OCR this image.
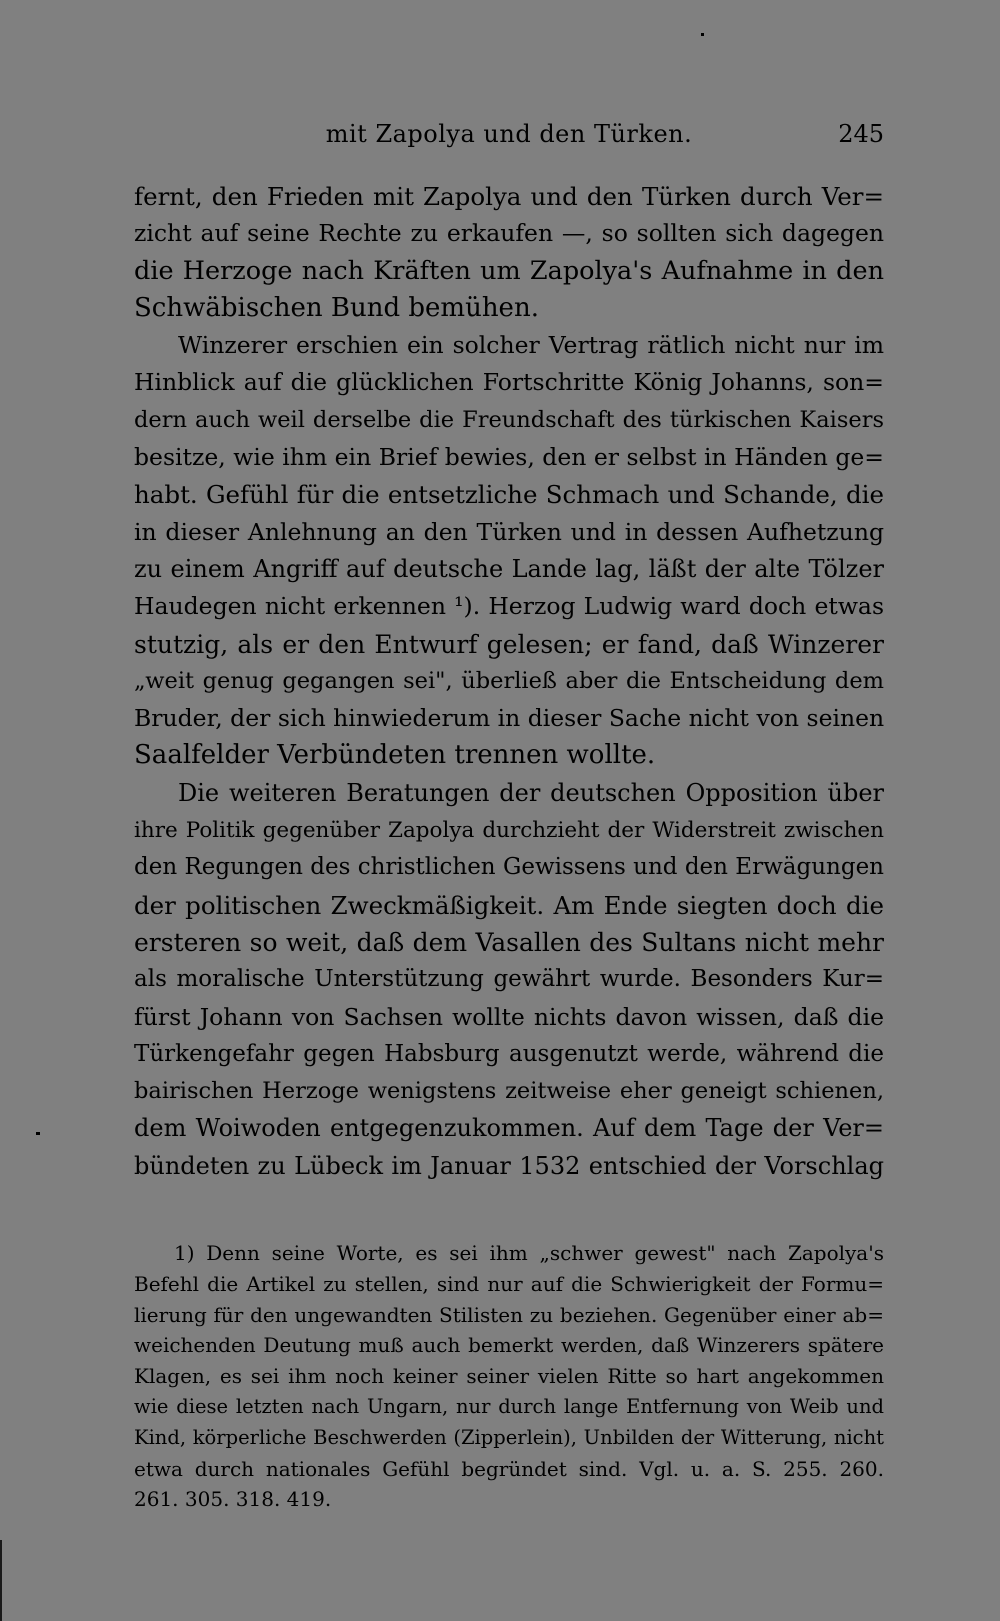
mit Zapolya und den Türken.	245
fernt, den Frieden mit Zapolya und den Türken durch Ver=
zicht auf seine Rechte zu erkaufen —, so sollten sich dagegen
die Herzoge nach Kräften um Zapolya's Aufnahme in den
Schwäbischen Bund bemühen.
Winzerer erschien ein solcher Vertrag rätlich nicht nur im
Hinblick auf die glücklichen Fortschritte König Johanns, son=
dern auch weil derselbe die Freundschaft des türkischen Kaisers
besitze, wie ihm ein Brief bewies, den er selbst in Händen ge=
habt. Gefühl für die entsetzliche Schmach und Schande, die
in dieser Anlehnung an den Türken und in dessen Aufhetzung
zu einem Angriff auf deutsche Lande lag, läßt der alte Tölzer
Haudegen nicht erkennen ¹). Herzog Ludwig ward doch etwas
stutzig, als er den Entwurf gelesen; er fand, daß Winzerer
„weit genug gegangen sei", überließ aber die Entscheidung dem
Bruder, der sich hinwiederum in dieser Sache nicht von seinen
Saalfelder Verbündeten trennen wollte.
Die weiteren Beratungen der deutschen Opposition über
ihre Politik gegenüber Zapolya durchzieht der Widerstreit zwischen
den Regungen des christlichen Gewissens und den Erwägungen
der politischen Zweckmäßigkeit. Am Ende siegten doch die
ersteren so weit, daß dem Vasallen des Sultans nicht mehr
als moralische Unterstützung gewährt wurde. Besonders Kur=
fürst Johann von Sachsen wollte nichts davon wissen, daß die
Türkengefahr gegen Habsburg ausgenutzt werde, während die
bairischen Herzoge wenigstens zeitweise eher geneigt schienen,
dem Woiwoden entgegenzukommen. Auf dem Tage der Ver=
bündeten zu Lübeck im Januar 1532 entschied der Vorschlag
1) Denn seine Worte, es sei ihm „schwer gewest" nach Zapolya's
Befehl die Artikel zu stellen, sind nur auf die Schwierigkeit der Formu=
lierung für den ungewandten Stilisten zu beziehen. Gegenüber einer ab=
weichenden Deutung muß auch bemerkt werden, daß Winzerers spätere
Klagen, es sei ihm noch keiner seiner vielen Ritte so hart angekommen
wie diese letzten nach Ungarn, nur durch lange Entfernung von Weib und
Kind, körperliche Beschwerden (Zipperlein), Unbilden der Witterung, nicht
etwa durch nationales Gefühl begründet sind. Vgl. u. a. S. 255. 260.
261. 305. 318. 419.
